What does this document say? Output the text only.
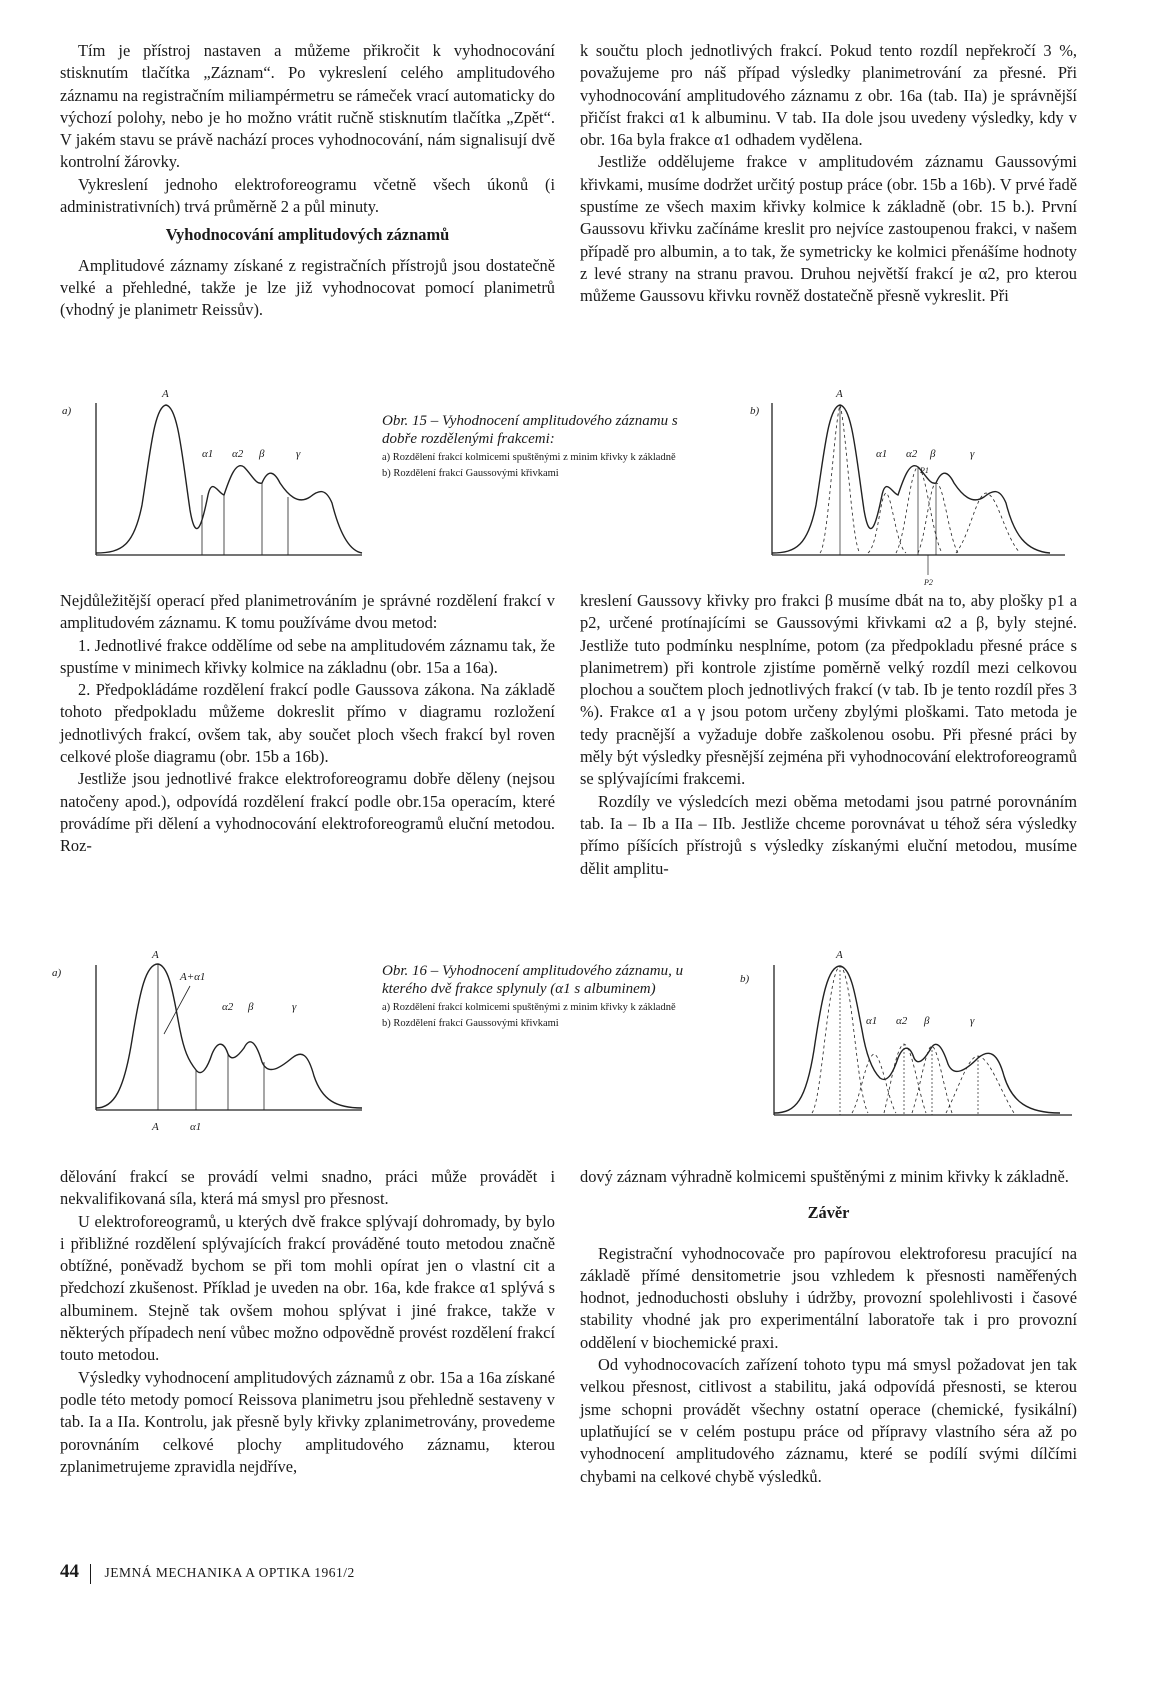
Tím je přístroj nastaven a můžeme přikročit k vyhodnocování stisknutím tlačítka „Záznam“. Po vykreslení celého amplitudového záznamu na registračním miliampérmetru se rámeček vrací automaticky do výchozí polohy, nebo je ho možno vrátit ručně stisknutím tlačítka „Zpět“. V jakém stavu se právě nachází proces vyhodnocování, nám signalisují dvě kontrolní žárovky.

Vykreslení jednoho elektroforeogramu včetně všech úkonů (i administrativních) trvá průměrně 2 a půl minuty.

Vyhodnocování amplitudových záznamů

Amplitudové záznamy získané z registračních přístrojů jsou dostatečně velké a přehledné, takže je lze již vyhodnocovat pomocí planimetrů (vhodný je planimetr Reissův).

k součtu ploch jednotlivých frakcí. Pokud tento rozdíl nepřekročí 3 %, považujeme pro náš případ výsledky planimetrování za přesné. Při vyhodnocování amplitudového záznamu z obr. 16a (tab. IIa) je správnější přičíst frakci α1 k albuminu. V tab. IIa dole jsou uvedeny výsledky, kdy v obr. 16a byla frakce α1 odhadem vydělena.

Jestliže oddělujeme frakce v amplitudovém záznamu Gaussovými křivkami, musíme dodržet určitý postup práce (obr. 15b a 16b). V prvé řadě spustíme ze všech maxim křivky kolmice k základně (obr. 15 b.). První Gaussovu křivku začínáme kreslit pro nejvíce zastoupenou frakci, v našem případě pro albumin, a to tak, že symetricky ke kolmici přenášíme hodnoty z levé strany na stranu pravou. Druhou největší frakcí je α2, pro kterou můžeme Gaussovu křivku rovněž dostatečně přesně vykreslit. Při

a)
A
α1 α2 β	γ
Obr. 15 – Vyhodnocení amplitudového záznamu s dobře rozdělenými frakcemi:
a) Rozdělení frakcí kolmicemi spuštěnými z minim křivky k základně
b) Rozdělení frakcí Gaussovými křivkami
b)
A
α1 α2 β	γ
P1
P2

Nejdůležitější operací před planimetrováním je správné rozdělení frakcí v amplitudovém záznamu. K tomu používáme dvou metod:

1. Jednotlivé frakce oddělíme od sebe na amplitudovém záznamu tak, že spustíme v minimech křivky kolmice na základnu (obr. 15a a 16a).

2. Předpokládáme rozdělení frakcí podle Gaussova zákona. Na základě tohoto předpokladu můžeme dokreslit přímo v diagramu rozložení jednotlivých frakcí, ovšem tak, aby součet ploch všech frakcí byl roven celkové ploše diagramu (obr. 15b a 16b).

Jestliže jsou jednotlivé frakce elektroforeogramu dobře děleny (nejsou natočeny apod.), odpovídá rozdělení frakcí podle obr.15a operacím, které provádíme při dělení a vyhodnocování elektroforeogramů eluční metodou. Roz-

kreslení Gaussovy křivky pro frakci β musíme dbát na to, aby plošky p1 a p2, určené protínajícími se Gaussovými křivkami α2 a β, byly stejné. Jestliže tuto podmínku nesplníme, potom (za předpokladu přesné práce s planimetrem) při kontrole zjistíme poměrně velký rozdíl mezi celkovou plochou a součtem ploch jednotlivých frakcí (v tab. Ib je tento rozdíl přes 3 %). Frakce α1 a γ jsou potom určeny zbylými ploškami. Tato metoda je tedy pracnější a vyžaduje dobře zaškolenou osobu. Při přesné práci by měly být výsledky přesnější zejména při vyhodnocování elektroforeogramů se splývajícími frakcemi.

Rozdíly ve výsledcích mezi oběma metodami jsou patrné porovnáním tab. Ia – Ib a IIa – IIb. Jestliže chceme porovnávat u téhož séra výsledky přímo píšících přístrojů s výsledky získanými eluční metodou, musíme dělit amplitu-

a)
A
A+α1
α2 β	γ
A	α1
Obr. 16 – Vyhodnocení amplitudového záznamu, u kterého dvě frakce splynuly (α1 s albuminem)
a) Rozdělení frakcí kolmicemi spuštěnými z minim křivky k základně
b) Rozdělení frakcí Gaussovými křivkami
b)
A
α1 α2 β	γ

dělování frakcí se provádí velmi snadno, práci může provádět i nekvalifikovaná síla, která má smysl pro přesnost.

U elektroforeogramů, u kterých dvě frakce splývají dohromady, by bylo i přibližné rozdělení splývajících frakcí prováděné touto metodou značně obtížné, poněvadž bychom se při tom mohli opírat jen o vlastní cit a předchozí zkušenost. Příklad je uveden na obr. 16a, kde frakce α1 splývá s albuminem. Stejně tak ovšem mohou splývat i jiné frakce, takže v některých případech není vůbec možno odpovědně provést rozdělení frakcí touto metodou.

Výsledky vyhodnocení amplitudových záznamů z obr. 15a a 16a získané podle této metody pomocí Reissova planimetru jsou přehledně sestaveny v tab. Ia a IIa. Kontrolu, jak přesně byly křivky zplanimetrovány, provedeme porovnáním celkové plochy amplitudového záznamu, kterou zplanimetrujeme zpravidla nejdříve,

dový záznam výhradně kolmicemi spuštěnými z minim křivky k základně.

Závěr

Registrační vyhodnocovače pro papírovou elektroforesu pracující na základě přímé densitometrie jsou vzhledem k přesnosti naměřených hodnot, jednoduchosti obsluhy i údržby, provozní spolehlivosti i časové stability vhodné jak pro experimentální laboratoře tak i pro provozní oddělení v biochemické praxi.

Od vyhodnocovacích zařízení tohoto typu má smysl požadovat jen tak velkou přesnost, citlivost a stabilitu, jaká odpovídá přesnosti, se kterou jsme schopni provádět všechny ostatní operace (chemické, fysikální) uplatňující se v celém postupu práce od přípravy vlastního séra až po vyhodnocení amplitudového záznamu, které se podílí svými dílčími chybami na celkové chybě výsledků.

44 JEMNÁ MECHANIKA A OPTIKA 1961/2
